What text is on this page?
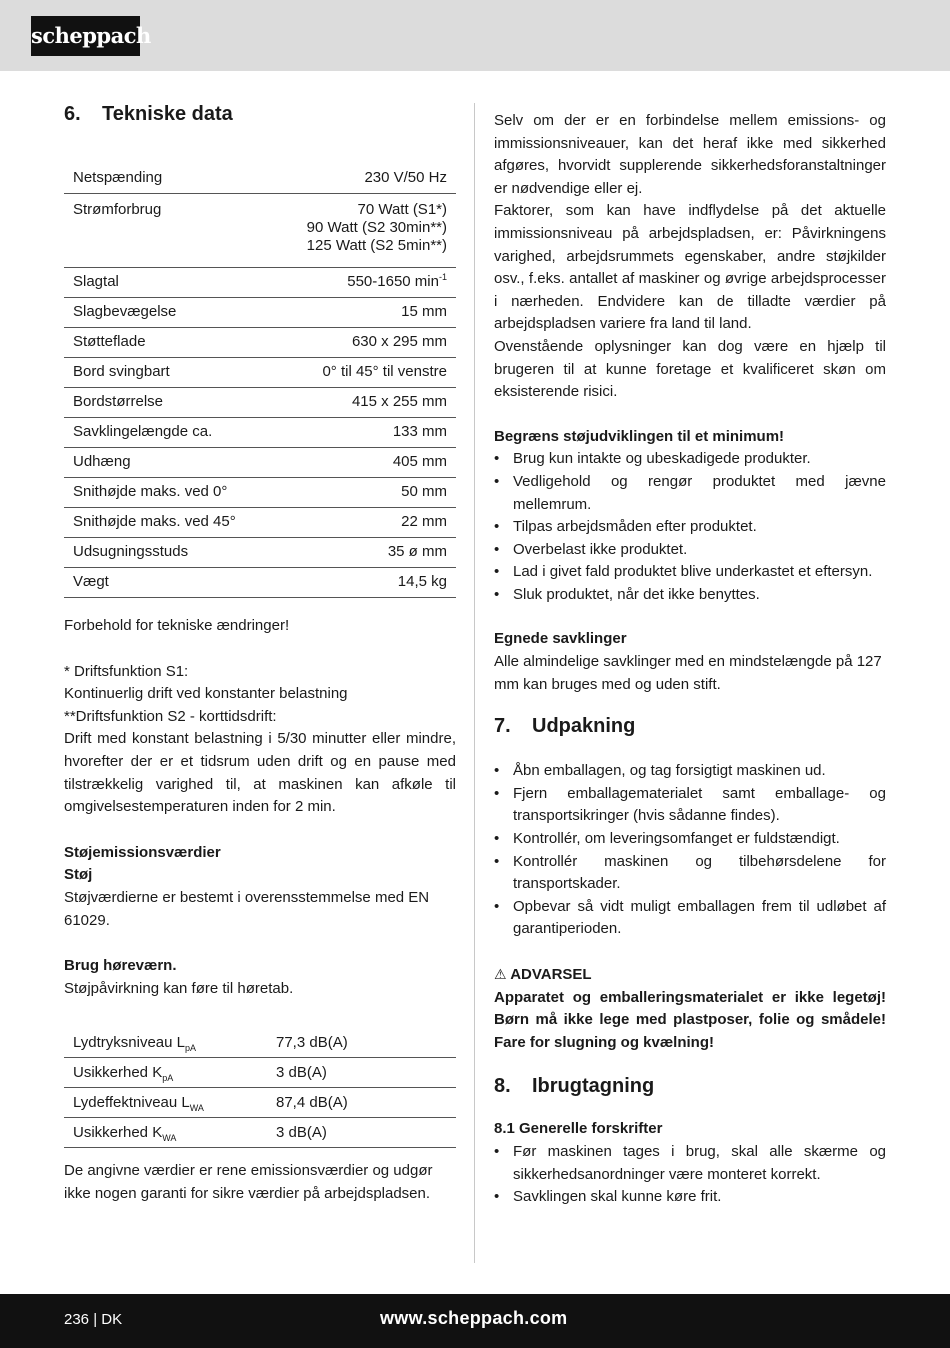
scheppach
6.	Tekniske data
Netspænding	230 V/50 Hz
Strømforbrug	70 Watt (S1*)
90 Watt (S2 30min**)
125 Watt (S2 5min**)

Slagtal	550-1650 $\min^{-1}$
Slagbevægelse	15 mm
Støtteflade	630 x 295 mm
Bord svingbart	0° til 45° til venstre
Bordstørrelse	415 x 255 mm
Savklingelængde ca.	133 mm
Udhæng	405 mm
Snithøjde maks. ved 0°	50 mm
Snithøjde maks. ved 45°	22 mm
Udsugningsstuds	35 ø mm
Vægt	14,5 kg

Forbehold for tekniske ændringer!

* Driftsfunktion S1:

Kontinuerlig drift ved konstanter belastning

**Driftsfunktion S2 - korttidsdrift:

Drift med konstant belastning i 5/30 minutter eller mindre, hvorefter der er et tidsrum uden drift og en pause med tilstrækkelig varighed til, at maskinen kan afkøle til omgivelsestemperaturen inden for 2 min.

Støjemissionsværdier

Støj

Støjværdierne er bestemt i overensstemmelse med EN 61029.

Brug høreværn.

Støjpåvirkning kan føre til høretab.

Lydtryksniveau $L_{pA}$	77,3 dB(A)
Usikkerhed $K_{pA}$	3 dB(A)
Lydeffektniveau $L_{WA}$	87,4 dB(A)
Usikkerhed $K_{WA}$	3 dB(A)

De angivne værdier er rene emissionsværdier og udgør ikke nogen garanti for sikre værdier på arbejdspladsen.

Selv om der er en forbindelse mellem emissions- og immissionsniveauer, kan det heraf ikke med sikkerhed afgøres, hvorvidt supplerende sikkerhedsforanstaltninger er nødvendige eller ej.

Faktorer, som kan have indflydelse på det aktuelle immissionsniveau på arbejdspladsen, er: Påvirkningens varighed, arbejdsrummets egenskaber, andre støjkilder osv., f.eks. antallet af maskiner og øvrige arbejdsprocesser i nærheden. Endvidere kan de tilladte værdier på arbejdspladsen variere fra land til land.

Ovenstående oplysninger kan dog være en hjælp til brugeren til at kunne foretage et kvalificeret skøn om eksisterende risici.

Begræns støjudviklingen til et minimum!

• Brug kun intakte og ubeskadigede produkter.
• Vedligehold og rengør produktet med jævne mellemrum.
• Tilpas arbejdsmåden efter produktet.
• Overbelast ikke produktet.
• Lad i givet fald produktet blive underkastet et eftersyn.
• Sluk produktet, når det ikke benyttes.

Egnede savklinger

Alle almindelige savklinger med en mindstelængde på 127 mm kan bruges med og uden stift.

7.	Udpakning
• Åbn emballagen, og tag forsigtigt maskinen ud.
• Fjern emballagematerialet samt emballage- og transportsikringer (hvis sådanne findes).
• Kontrollér, om leveringsomfanget er fuldstændigt.
• Kontrollér maskinen og tilbehørsdelene for transportskader.
• Opbevar så vidt muligt emballagen frem til udløbet af garantiperioden.

⚠ ADVARSEL

Apparatet og emballeringsmaterialet er ikke legetøj! Børn må ikke lege med plastposer, folie og smådele! Fare for slugning og kvælning!

8.	Ibrugtagning

8.1 Generelle forskrifter

• Før maskinen tages i brug, skal alle skærme og sikkerhedsanordninger være monteret korrekt.
• Savklingen skal kunne køre frit.
236 | DK	www.scheppach.com
